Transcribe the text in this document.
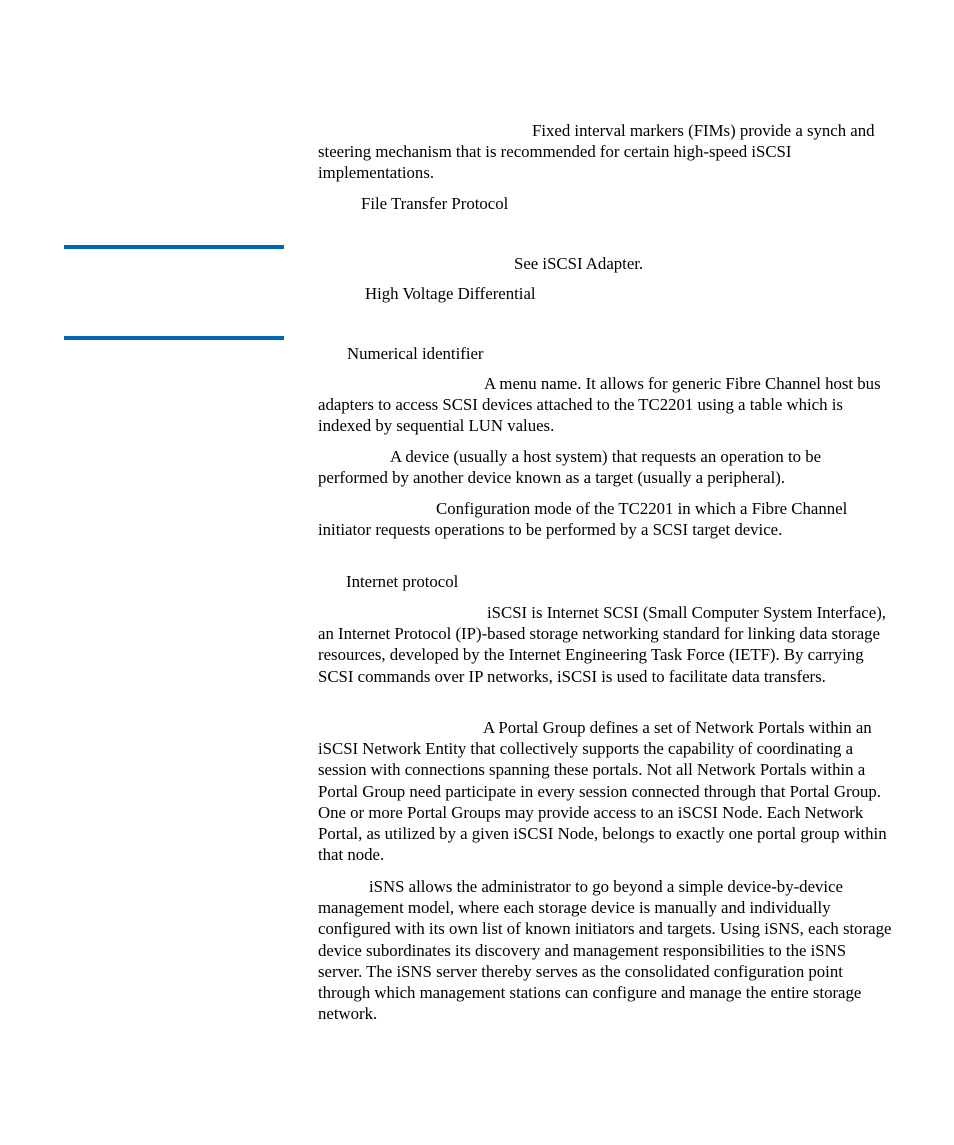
Fixed interval markers (FIMs) provide a synch and steering mechanism that is recommended for certain high-speed iSCSI implementations.

File Transfer Protocol

See iSCSI Adapter.

High Voltage Differential

Numerical identifier

A menu name. It allows for generic Fibre Channel host bus adapters to access SCSI devices attached to the TC2201 using a table which is indexed by sequential LUN values.

A device (usually a host system) that requests an operation to be performed by another device known as a target (usually a peripheral).

Configuration mode of the TC2201 in which a Fibre Channel initiator requests operations to be performed by a SCSI target device.

Internet protocol

iSCSI is Internet SCSI (Small Computer System Interface), an Internet Protocol (IP)-based storage networking standard for linking data storage resources, developed by the Internet Engineering Task Force (IETF). By carrying SCSI commands over IP networks, iSCSI is used to facilitate data transfers.

A Portal Group defines a set of Network Portals within an iSCSI Network Entity that collectively supports the capability of coordinating a session with connections spanning these portals. Not all Network Portals within a Portal Group need participate in every session connected through that Portal Group. One or more Portal Groups may provide access to an iSCSI Node. Each Network Portal, as utilized by a given iSCSI Node, belongs to exactly one portal group within that node.

iSNS allows the administrator to go beyond a simple device-by-device management model, where each storage device is manually and individually configured with its own list of known initiators and targets. Using iSNS, each storage device subordinates its discovery and management responsibilities to the iSNS server. The iSNS server thereby serves as the consolidated configuration point through which management stations can configure and manage the entire storage network.
